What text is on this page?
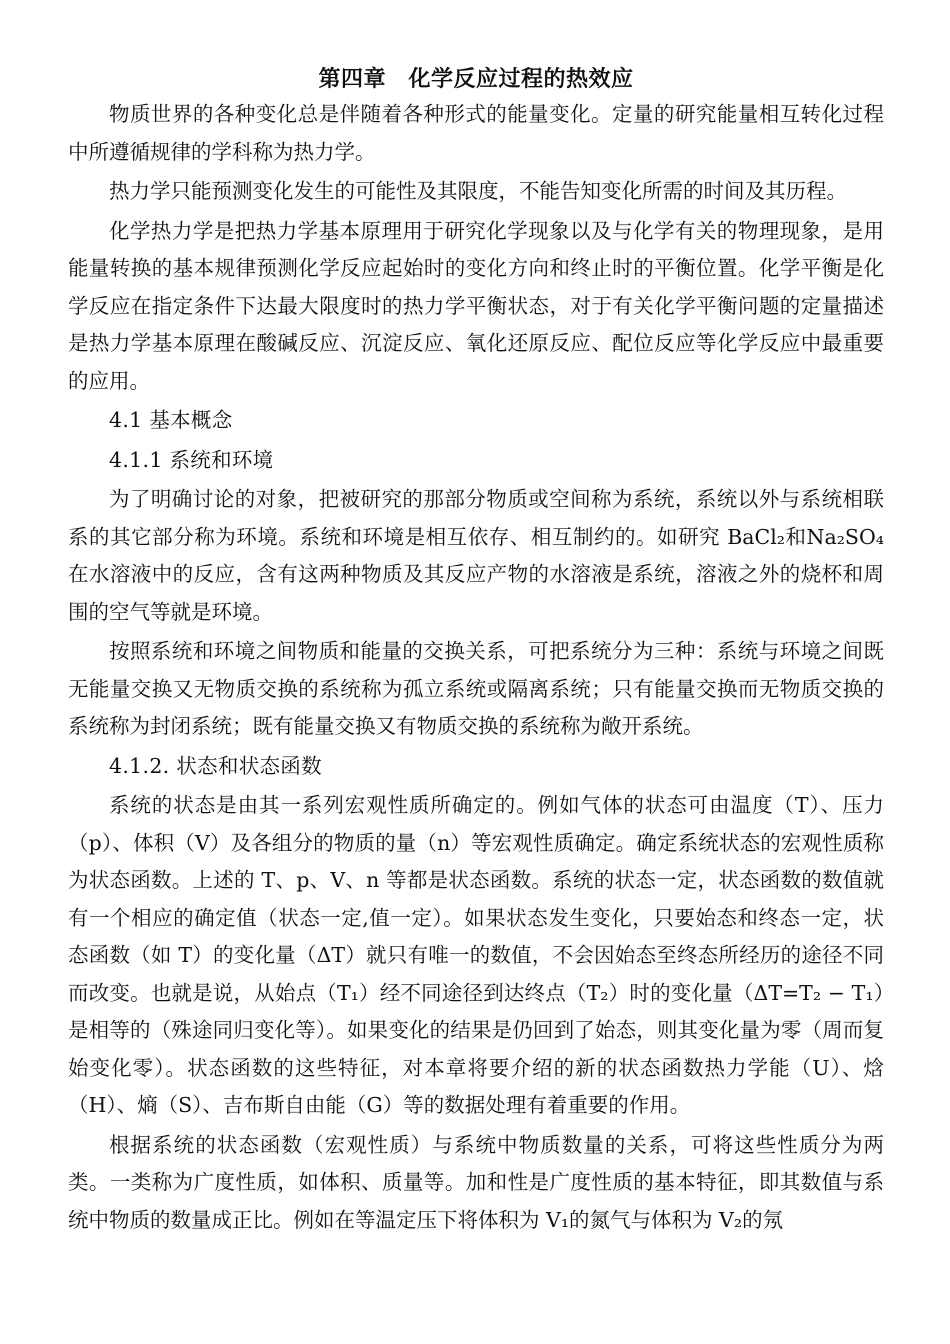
第四章　化学反应过程的热效应

物质世界的各种变化总是伴随着各种形式的能量变化。定量的研究能量相互转化过程中所遵循规律的学科称为热力学。

热力学只能预测变化发生的可能性及其限度，不能告知变化所需的时间及其历程。

化学热力学是把热力学基本原理用于研究化学现象以及与化学有关的物理现象，是用能量转换的基本规律预测化学反应起始时的变化方向和终止时的平衡位置。化学平衡是化学反应在指定条件下达最大限度时的热力学平衡状态，对于有关化学平衡问题的定量描述是热力学基本原理在酸碱反应、沉淀反应、氧化还原反应、配位反应等化学反应中最重要的应用。

4.1 基本概念

4.1.1 系统和环境

为了明确讨论的对象，把被研究的那部分物质或空间称为系统，系统以外与系统相联系的其它部分称为环境。系统和环境是相互依存、相互制约的。如研究 BaCl₂和Na₂SO₄在水溶液中的反应，含有这两种物质及其反应产物的水溶液是系统，溶液之外的烧杯和周围的空气等就是环境。

按照系统和环境之间物质和能量的交换关系，可把系统分为三种：系统与环境之间既无能量交换又无物质交换的系统称为孤立系统或隔离系统；只有能量交换而无物质交换的系统称为封闭系统；既有能量交换又有物质交换的系统称为敞开系统。

4.1.2. 状态和状态函数

系统的状态是由其一系列宏观性质所确定的。例如气体的状态可由温度（T）、压力（p）、体积（V）及各组分的物质的量（n）等宏观性质确定。确定系统状态的宏观性质称为状态函数。上述的 T、p、V、n 等都是状态函数。系统的状态一定，状态函数的数值就有一个相应的确定值（状态一定,值一定）。如果状态发生变化，只要始态和终态一定，状态函数（如 T）的变化量（ΔT）就只有唯一的数值，不会因始态至终态所经历的途径不同而改变。也就是说，从始点（T₁）经不同途径到达终点（T₂）时的变化量（ΔT=T₂ − T₁）是相等的（殊途同归变化等）。如果变化的结果是仍回到了始态，则其变化量为零（周而复始变化零）。状态函数的这些特征，对本章将要介绍的新的状态函数热力学能（U）、焓（H）、熵（S）、吉布斯自由能（G）等的数据处理有着重要的作用。

根据系统的状态函数（宏观性质）与系统中物质数量的关系，可将这些性质分为两类。一类称为广度性质，如体积、质量等。加和性是广度性质的基本特征，即其数值与系统中物质的数量成正比。例如在等温定压下将体积为 V₁的氮气与体积为 V₂的氖
